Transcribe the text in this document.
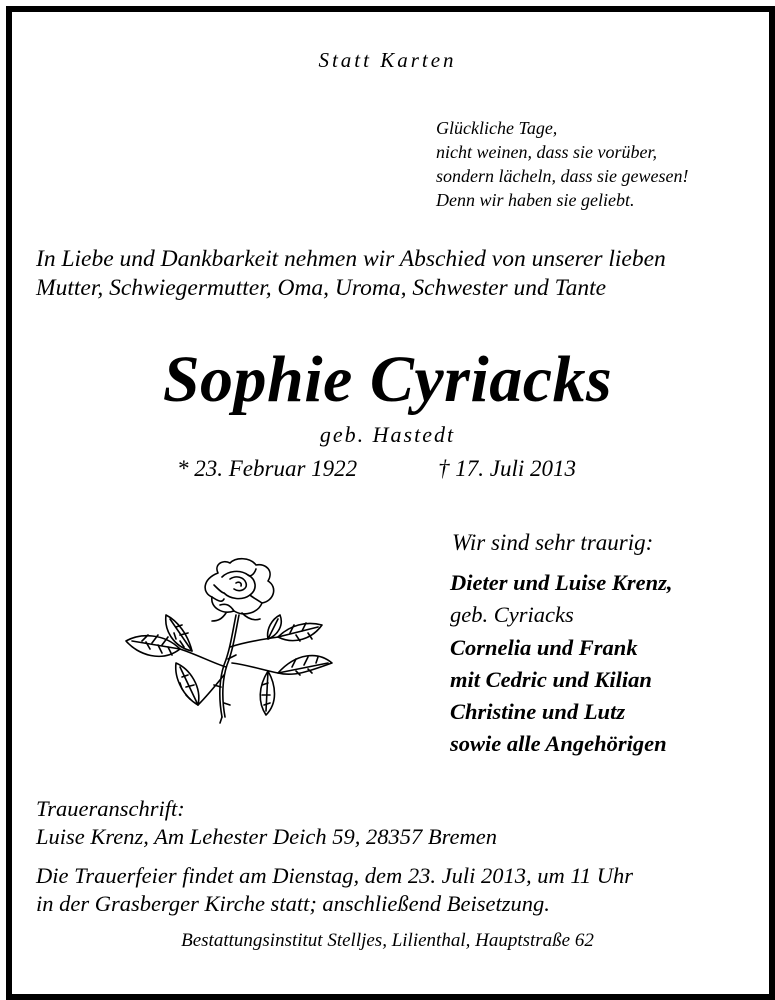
Statt Karten
Glückliche Tage,
nicht weinen, dass sie vorüber,
sondern lächeln, dass sie gewesen!
Denn wir haben sie geliebt.
In Liebe und Dankbarkeit nehmen wir Abschied von unserer lieben
Mutter, Schwiegermutter, Oma, Uroma, Schwester und Tante
Sophie Cyriacks
geb. Hastedt
* 23. Februar 1922	† 17. Juli 2013
Wir sind sehr traurig:
Dieter und Luise Krenz,
geb. Cyriacks
Cornelia und Frank
mit Cedric und Kilian
Christine und Lutz
sowie alle Angehörigen
Traueranschrift:
Luise Krenz, Am Lehester Deich 59, 28357 Bremen
Die Trauerfeier findet am Dienstag, dem 23. Juli 2013, um 11 Uhr
in der Grasberger Kirche statt; anschließend Beisetzung.
Bestattungsinstitut Stelljes, Lilienthal, Hauptstraße 62
